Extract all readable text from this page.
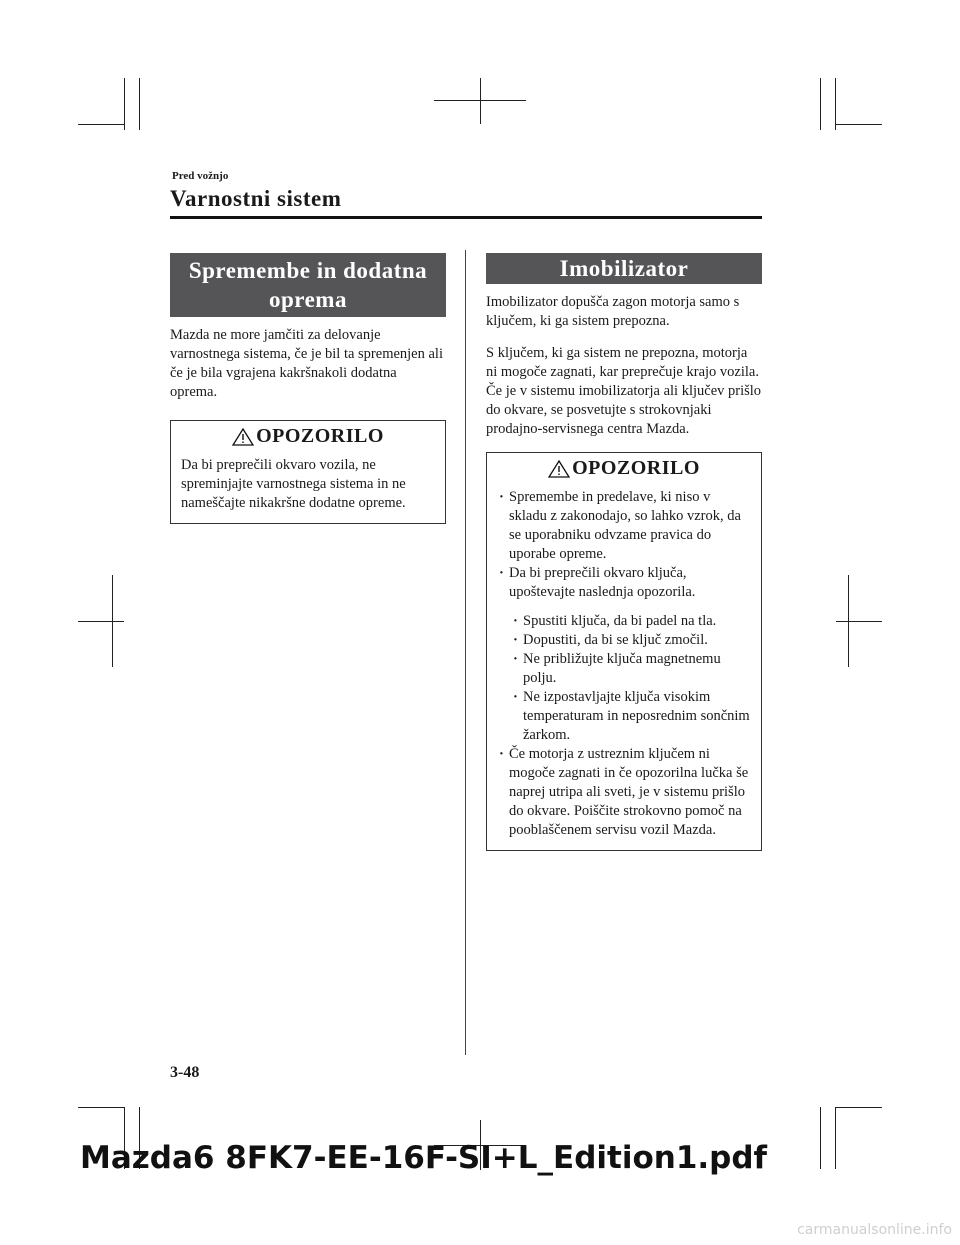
Pred vožnjo
Varnostni sistem
Spremembe in dodatna
oprema

Mazda ne more jamčiti za delovanje varnostnega sistema, če je bil ta spremenjen ali če je bila vgrajena kakršnakoli dodatna oprema.

OPOZORILO

Da bi preprečili okvaro vozila, ne spreminjajte varnostnega sistema in ne nameščajte nikakršne dodatne opreme.

Imobilizator

Imobilizator dopušča zagon motorja samo s ključem, ki ga sistem prepozna.

S ključem, ki ga sistem ne prepozna, motorja ni mogoče zagnati, kar preprečuje krajo vozila.

Če je v sistemu imobilizatorja ali ključev prišlo do okvare, se posvetujte s strokovnjaki prodajno-servisnega centra Mazda.

OPOZORILO
· Spremembe in predelave, ki niso v skladu z zakonodajo, so lahko vzrok, da se uporabniku odvzame pravica do uporabe opreme.
· Da bi preprečili okvaro ključa, upoštevajte naslednja opozorila.
· Spustiti ključa, da bi padel na tla.
· Dopustiti, da bi se ključ zmočil.
· Ne približujte ključa magnetnemu polju.
· Ne izpostavljajte ključa visokim temperaturam in neposrednim sončnim žarkom.
· Če motorja z ustreznim ključem ni mogoče zagnati in če opozorilna lučka še naprej utripa ali sveti, je v sistemu prišlo do okvare. Poiščite strokovno pomoč na pooblaščenem servisu vozil Mazda.
3-48
Mazda6 8FK7-EE-16F-SI+L_Edition1.pdf
carmanualsonline.info
